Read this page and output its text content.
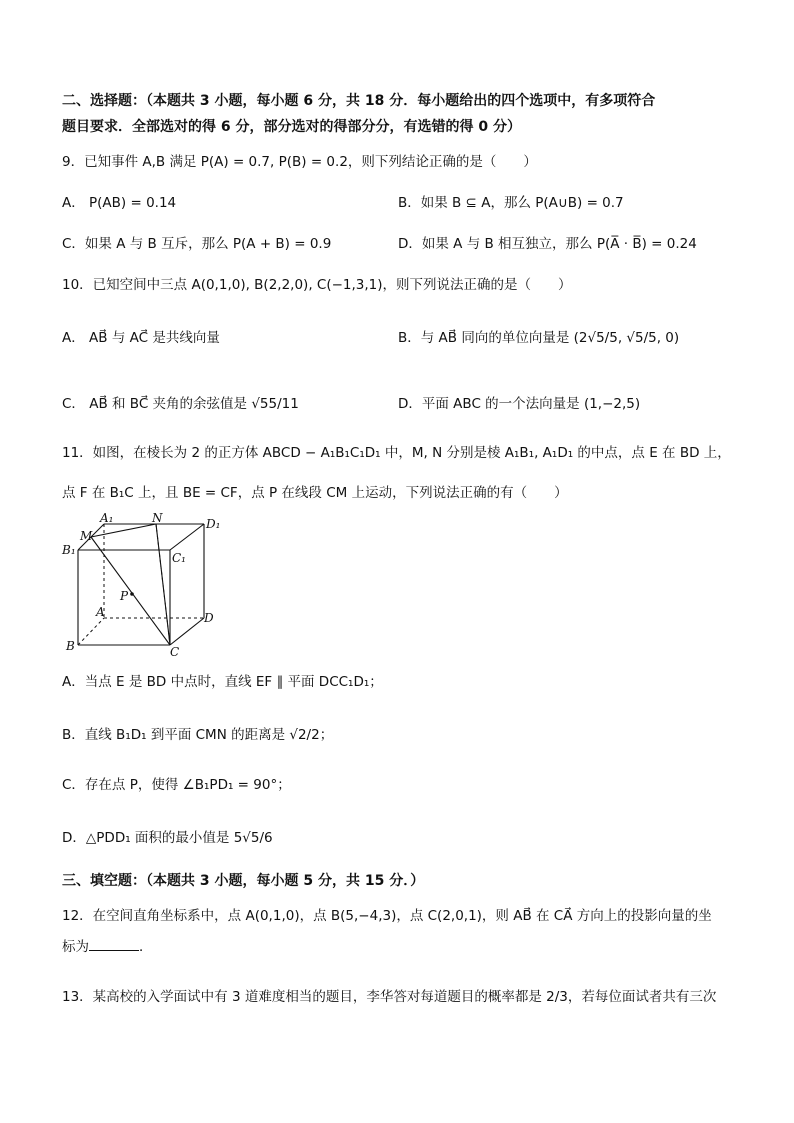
二、选择题：（本题共 3 小题，每小题 6 分，共 18 分．每小题给出的四个选项中，有多项符合
题目要求．全部选对的得 6 分，部分选对的得部分分，有选错的得 0 分）
9．已知事件 A,B 满足 P(A) = 0.7, P(B) = 0.2，则下列结论正确的是（　　）
A． P(AB) = 0.14	B．如果 B ⊆ A，那么 P(A∪B) = 0.7
C．如果 A 与 B 互斥，那么 P(A + B) = 0.9	D．如果 A 与 B 相互独立，那么 P(A̅ · B̅) = 0.24
10．已知空间中三点 A(0,1,0), B(2,2,0), C(−1,3,1)，则下列说法正确的是（　　）
A． AB⃗ 与 AC⃗ 是共线向量	B．与 AB⃗ 同向的单位向量是 (2√5/5, √5/5, 0)
C． AB⃗ 和 BC⃗ 夹角的余弦值是 √55/11	D．平面 ABC 的一个法向量是 (1,−2,5)
11．如图，在棱长为 2 的正方体 ABCD − A₁B₁C₁D₁ 中，M, N 分别是棱 A₁B₁, A₁D₁ 的中点，点 E 在 BD 上，
点 F 在 B₁C 上，且 BE = CF，点 P 在线段 CM 上运动，下列说法正确的有（　　）
A₁	N	D₁
M
B₁
C₁
P
A	D
B	C
A．当点 E 是 BD 中点时，直线 EF ∥ 平面 DCC₁D₁；
B．直线 B₁D₁ 到平面 CMN 的距离是 √2/2；
C．存在点 P，使得 ∠B₁PD₁ = 90°；
D．△PDD₁ 面积的最小值是 5√5/6
三、填空题：（本题共 3 小题，每小题 5 分，共 15 分．）
12．在空间直角坐标系中，点 A(0,1,0)，点 B(5,−4,3)，点 C(2,0,1)，则 AB⃗ 在 CA⃗ 方向上的投影向量的坐
标为	．
13．某高校的入学面试中有 3 道难度相当的题目，李华答对每道题目的概率都是 2/3，若每位面试者共有三次
